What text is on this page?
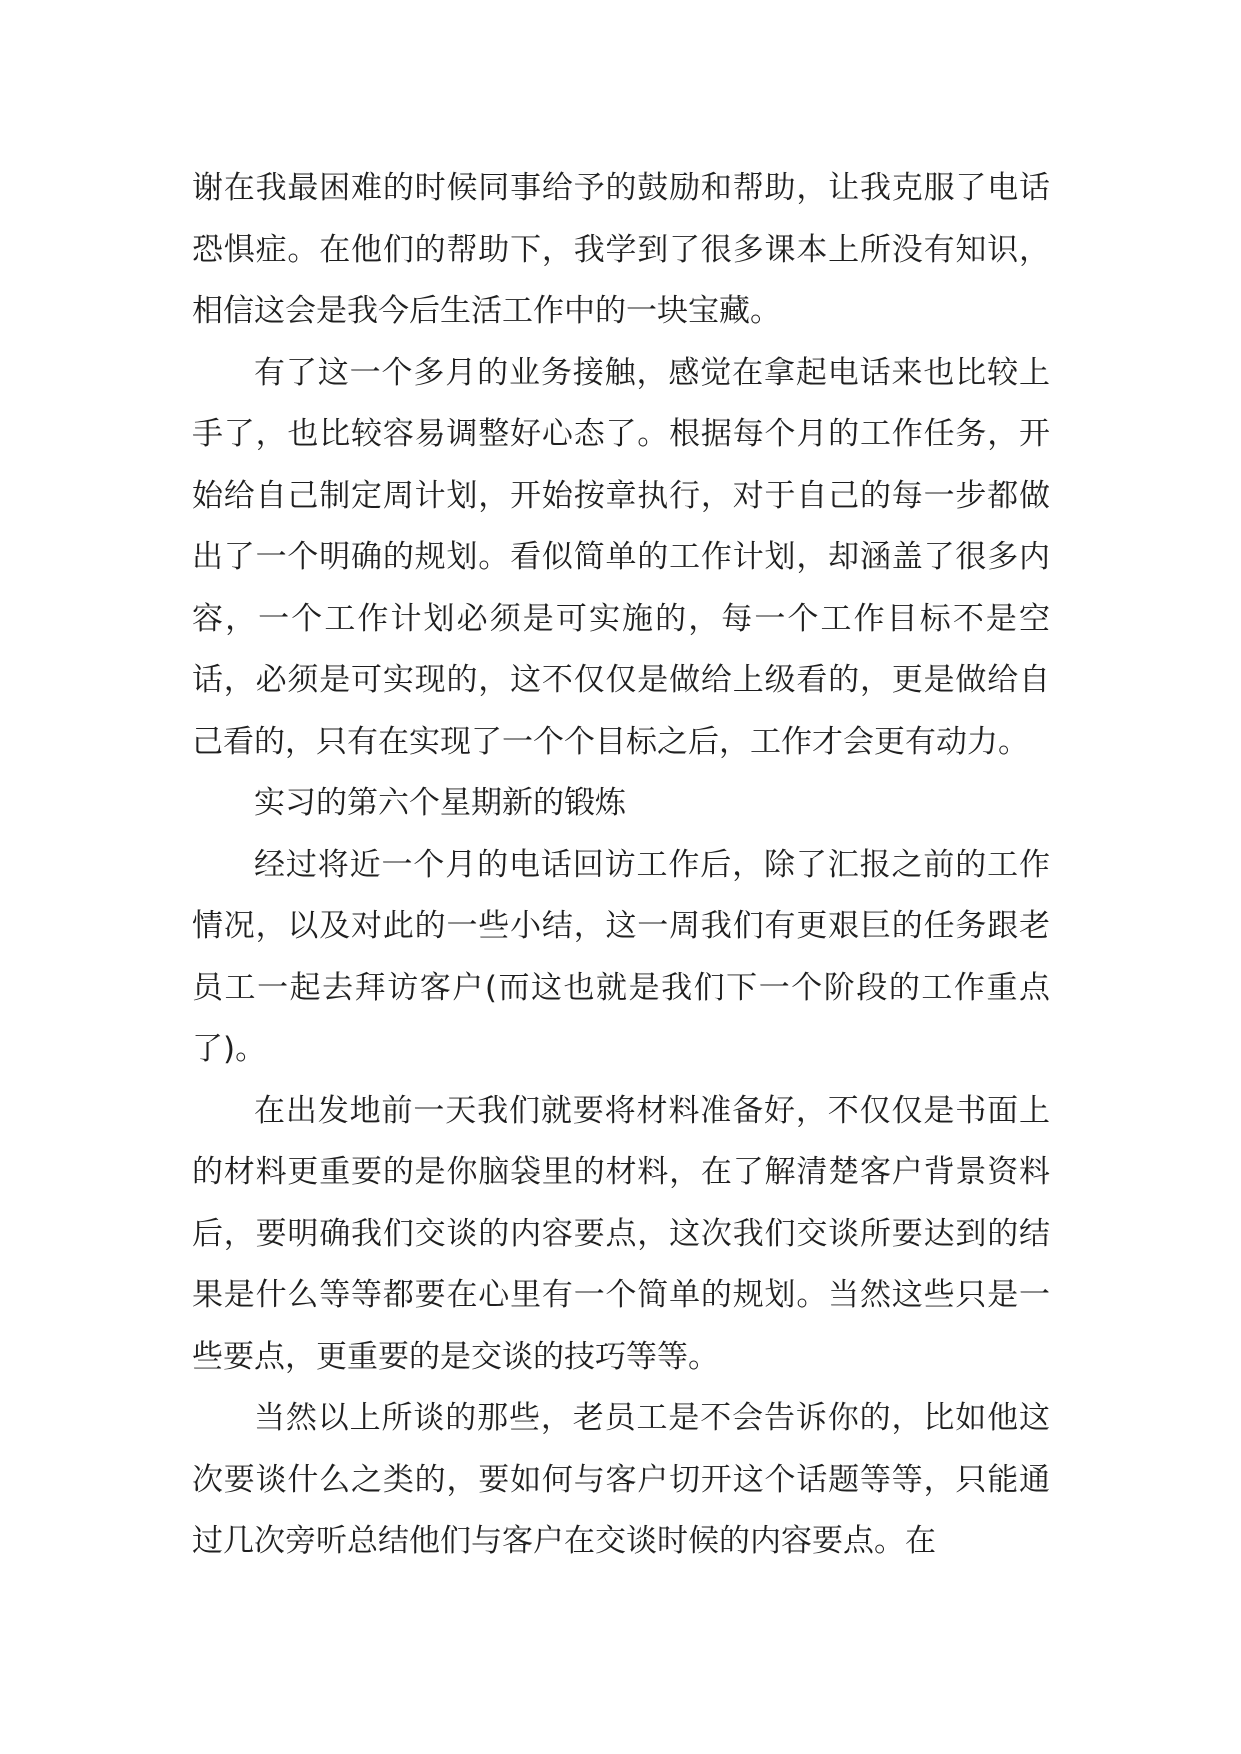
谢在我最困难的时候同事给予的鼓励和帮助，让我克服了电话恐惧症。在他们的帮助下，我学到了很多课本上所没有知识，相信这会是我今后生活工作中的一块宝藏。

有了这一个多月的业务接触，感觉在拿起电话来也比较上手了，也比较容易调整好心态了。根据每个月的工作任务，开始给自己制定周计划，开始按章执行，对于自己的每一步都做出了一个明确的规划。看似简单的工作计划，却涵盖了很多内容，一个工作计划必须是可实施的，每一个工作目标不是空话，必须是可实现的，这不仅仅是做给上级看的，更是做给自己看的，只有在实现了一个个目标之后，工作才会更有动力。

实习的第六个星期新的锻炼

经过将近一个月的电话回访工作后，除了汇报之前的工作情况，以及对此的一些小结，这一周我们有更艰巨的任务跟老员工一起去拜访客户(而这也就是我们下一个阶段的工作重点了)。

在出发地前一天我们就要将材料准备好，不仅仅是书面上的材料更重要的是你脑袋里的材料，在了解清楚客户背景资料后，要明确我们交谈的内容要点，这次我们交谈所要达到的结果是什么等等都要在心里有一个简单的规划。当然这些只是一些要点，更重要的是交谈的技巧等等。

当然以上所谈的那些，老员工是不会告诉你的，比如他这次要谈什么之类的，要如何与客户切开这个话题等等，只能通过几次旁听总结他们与客户在交谈时候的内容要点。在
